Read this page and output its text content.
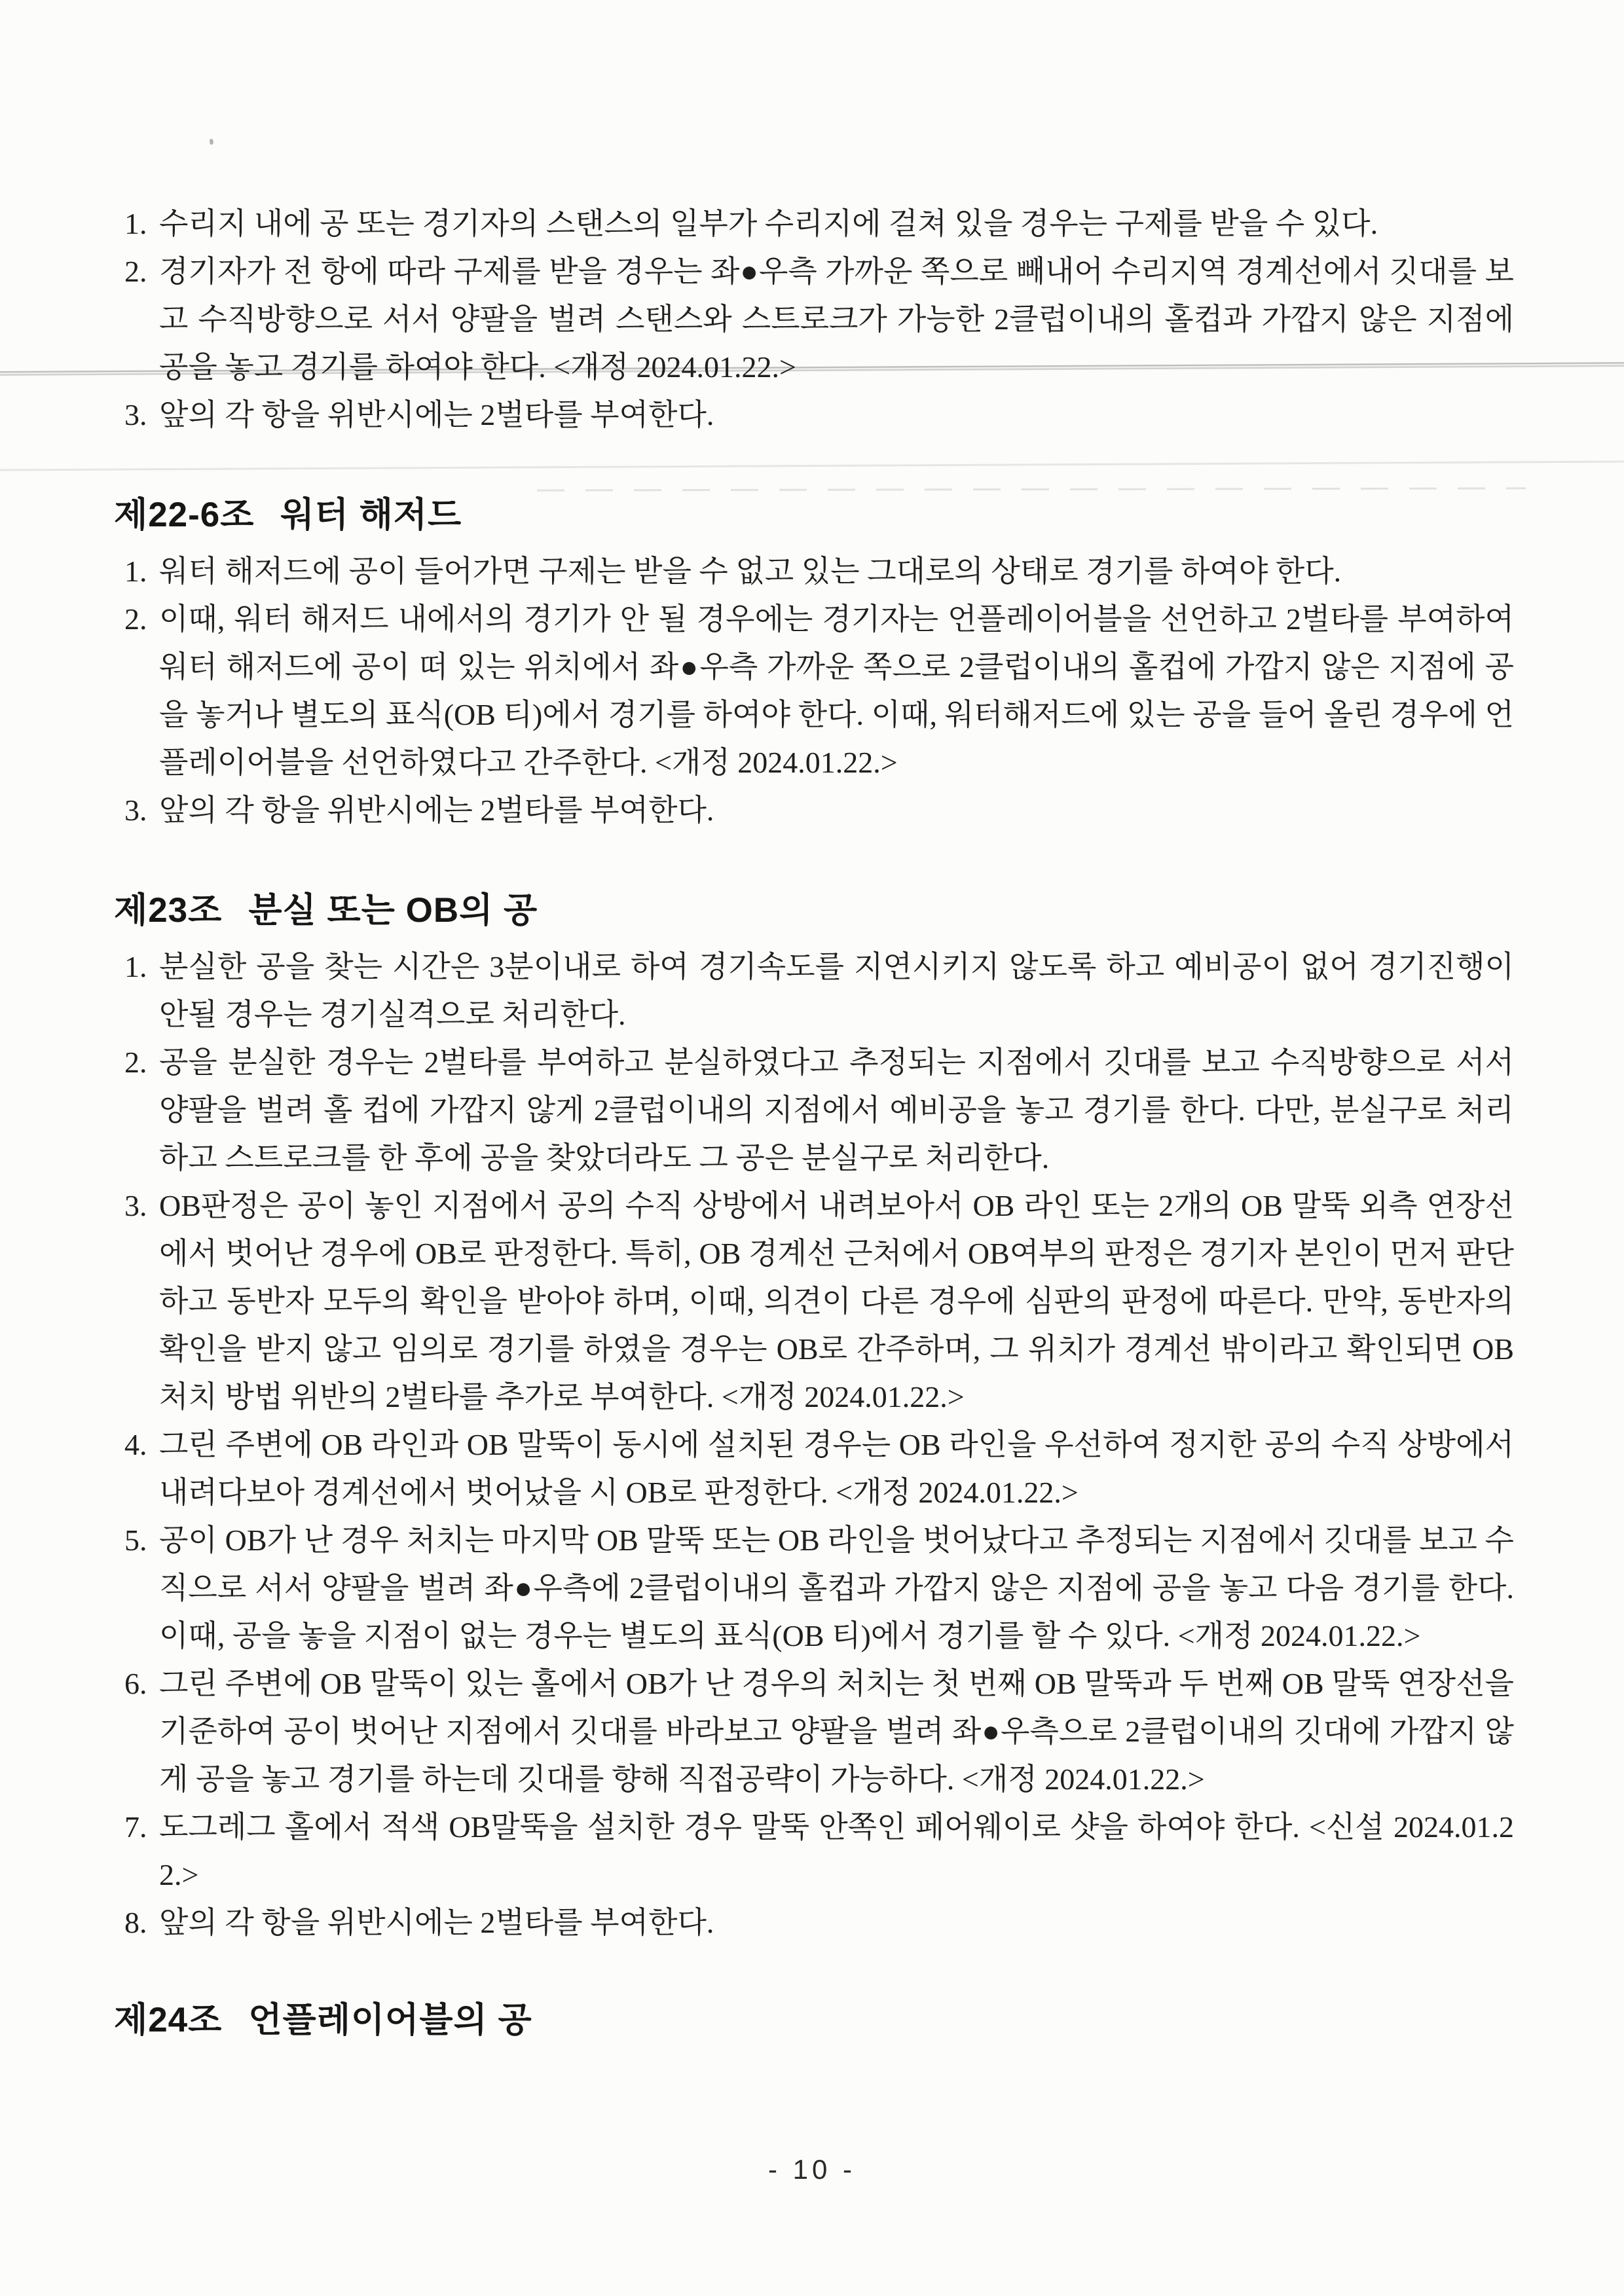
1. 수리지 내에 공 또는 경기자의 스탠스의 일부가 수리지에 걸쳐 있을 경우는 구제를 받을 수 있다.
2. 경기자가 전 항에 따라 구제를 받을 경우는 좌●우측 가까운 쪽으로 빼내어 수리지역 경계선에서 깃대를 보고 수직방향으로 서서 양팔을 벌려 스탠스와 스트로크가 가능한 2클럽이내의 홀컵과 가깝지 않은 지점에 공을 놓고 경기를 하여야 한다. <개정 2024.01.22.>
3. 앞의 각 항을 위반시에는 2벌타를 부여한다.
제22-6조 워터 해저드
1. 워터 해저드에 공이 들어가면 구제는 받을 수 없고 있는 그대로의 상태로 경기를 하여야 한다.
2. 이때, 워터 해저드 내에서의 경기가 안 될 경우에는 경기자는 언플레이어블을 선언하고 2벌타를 부여하여 워터 해저드에 공이 떠 있는 위치에서 좌●우측 가까운 쪽으로 2클럽이내의 홀컵에 가깝지 않은 지점에 공을 놓거나 별도의 표식(OB 티)에서 경기를 하여야 한다. 이때, 워터해저드에 있는 공을 들어 올린 경우에 언플레이어블을 선언하였다고 간주한다. <개정 2024.01.22.>
3. 앞의 각 항을 위반시에는 2벌타를 부여한다.
제23조 분실 또는 OB의 공
1. 분실한 공을 찾는 시간은 3분이내로 하여 경기속도를 지연시키지 않도록 하고 예비공이 없어 경기진행이 안될 경우는 경기실격으로 처리한다.
2. 공을 분실한 경우는 2벌타를 부여하고 분실하였다고 추정되는 지점에서 깃대를 보고 수직방향으로 서서 양팔을 벌려 홀 컵에 가깝지 않게 2클럽이내의 지점에서 예비공을 놓고 경기를 한다. 다만, 분실구로 처리하고 스트로크를 한 후에 공을 찾았더라도 그 공은 분실구로 처리한다.
3. OB판정은 공이 놓인 지점에서 공의 수직 상방에서 내려보아서 OB 라인 또는 2개의 OB 말뚝 외측 연장선에서 벗어난 경우에 OB로 판정한다. 특히, OB 경계선 근처에서 OB여부의 판정은 경기자 본인이 먼저 판단하고 동반자 모두의 확인을 받아야 하며, 이때, 의견이 다른 경우에 심판의 판정에 따른다. 만약, 동반자의 확인을 받지 않고 임의로 경기를 하였을 경우는 OB로 간주하며, 그 위치가 경계선 밖이라고 확인되면 OB처치 방법 위반의 2벌타를 추가로 부여한다. <개정 2024.01.22.>
4. 그린 주변에 OB 라인과 OB 말뚝이 동시에 설치된 경우는 OB 라인을 우선하여 정지한 공의 수직 상방에서 내려다보아 경계선에서 벗어났을 시 OB로 판정한다. <개정 2024.01.22.>
5. 공이 OB가 난 경우 처치는 마지막 OB 말뚝 또는 OB 라인을 벗어났다고 추정되는 지점에서 깃대를 보고 수직으로 서서 양팔을 벌려 좌●우측에 2클럽이내의 홀컵과 가깝지 않은 지점에 공을 놓고 다음 경기를 한다. 이때, 공을 놓을 지점이 없는 경우는 별도의 표식(OB 티)에서 경기를 할 수 있다. <개정 2024.01.22.>
6. 그린 주변에 OB 말뚝이 있는 홀에서 OB가 난 경우의 처치는 첫 번째 OB 말뚝과 두 번째 OB 말뚝 연장선을 기준하여 공이 벗어난 지점에서 깃대를 바라보고 양팔을 벌려 좌●우측으로 2클럽이내의 깃대에 가깝지 않게 공을 놓고 경기를 하는데 깃대를 향해 직접공략이 가능하다. <개정 2024.01.22.>
7. 도그레그 홀에서 적색 OB말뚝을 설치한 경우 말뚝 안쪽인 페어웨이로 샷을 하여야 한다. <신설 2024.01.22.>
8. 앞의 각 항을 위반시에는 2벌타를 부여한다.
제24조 언플레이어블의 공
- 10 -
